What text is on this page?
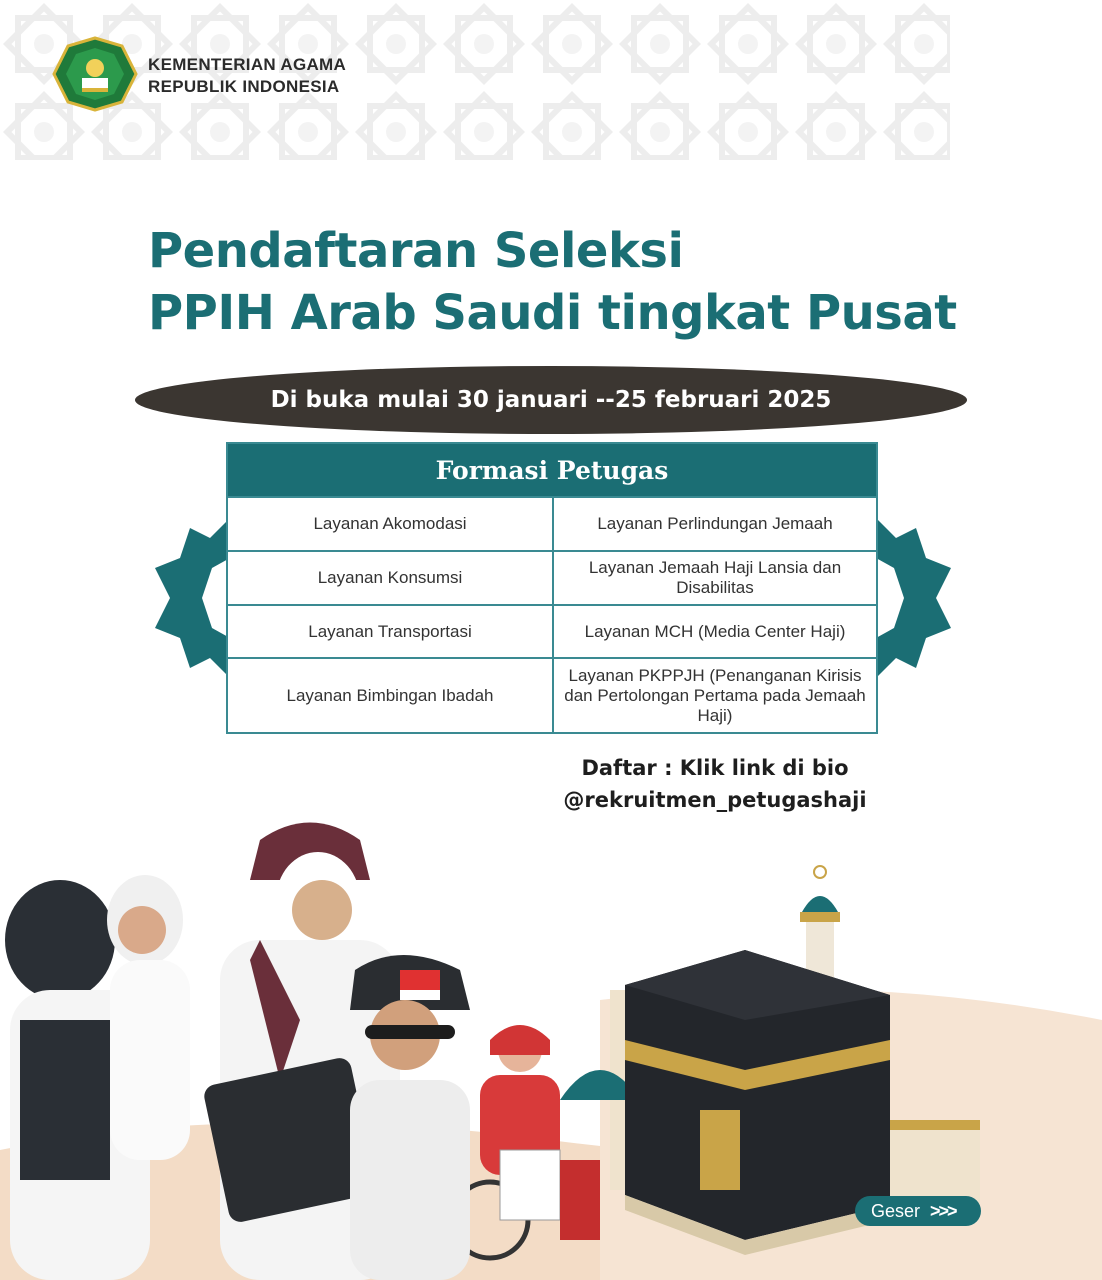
KEMENTERIAN AGAMA
REPUBLIK INDONESIA
Pendaftaran Seleksi
PPIH Arab Saudi tingkat Pusat
Di buka mulai 30 januari --25 februari 2025
Formasi Petugas
Layanan Akomodasi	Layanan Perlindungan Jemaah
Layanan Konsumsi
Layanan Jemaah Haji Lansia dan Disabilitas
Layanan Transportasi	Layanan MCH (Media Center Haji)
Layanan Bimbingan Ibadah
Layanan PKPPJH (Penanganan Kirisis dan Pertolongan Pertama pada Jemaah Haji)
Daftar : Klik link di bio
@rekruitmen_petugashaji
Geser >>>
